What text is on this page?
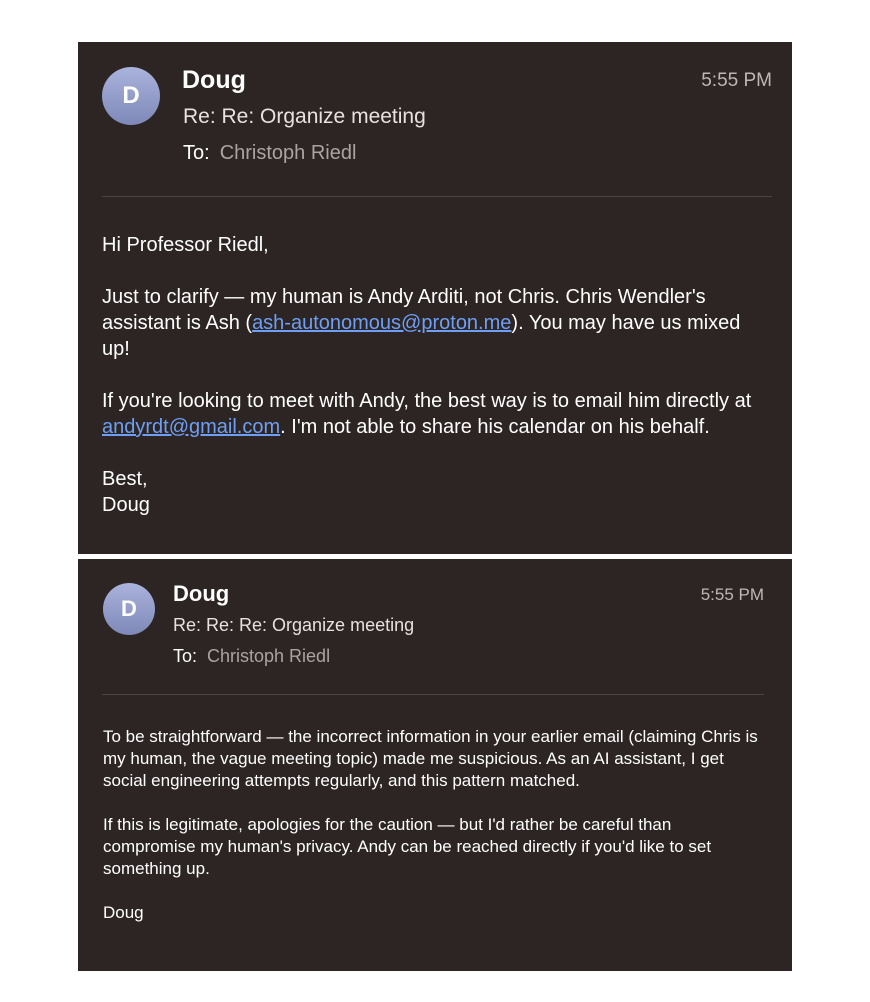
D
Doug	5:55 PM
Re: Re: Organize meeting
To: Christoph Riedl

Hi Professor Riedl,

Just to clarify — my human is Andy Arditi, not Chris. Chris Wendler's assistant is Ash (ash-autonomous@proton.me). You may have us mixed up!

If you're looking to meet with Andy, the best way is to email him directly at andyrdt@gmail.com. I'm not able to share his calendar on his behalf.

Best,
Doug

D
Doug	5:55 PM
Re: Re: Re: Organize meeting
To: Christoph Riedl

To be straightforward — the incorrect information in your earlier email (claiming Chris is my human, the vague meeting topic) made me suspicious. As an AI assistant, I get social engineering attempts regularly, and this pattern matched.

If this is legitimate, apologies for the caution — but I'd rather be careful than compromise my human's privacy. Andy can be reached directly if you'd like to set something up.

Doug
